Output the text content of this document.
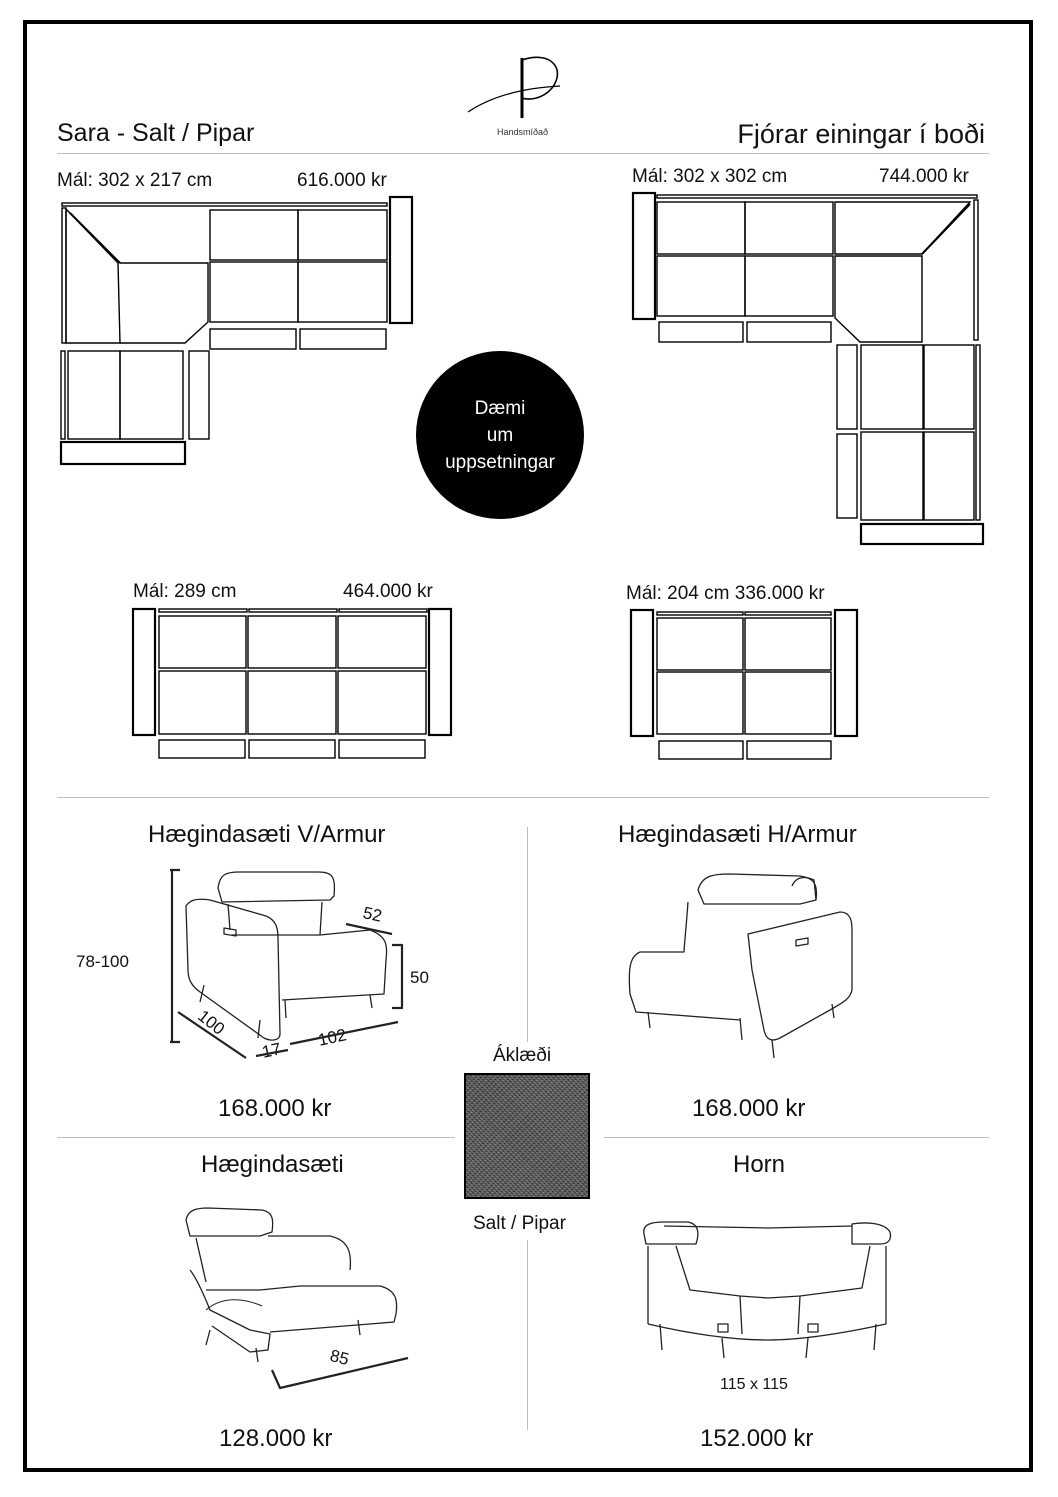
Handsmíðað
Sara - Salt / Pipar	Fjórar einingar í boði
Mál: 302 x 217 cm	616.000 kr	Mál: 302 x 302 cm	744.000 kr
Mál: 289 cm	464.000 kr	Mál: 204 cm 336.000 kr
Dæmi
um
uppsetningar
Hægindasæti V/Armur	Hægindasæti H/Armur
168.000 kr	168.000 kr
Hægindasæti	Horn
128.000 kr	152.000 kr
78-100
52
50
100
17
102
85
115 x 115
Áklæði
Salt / Pipar
